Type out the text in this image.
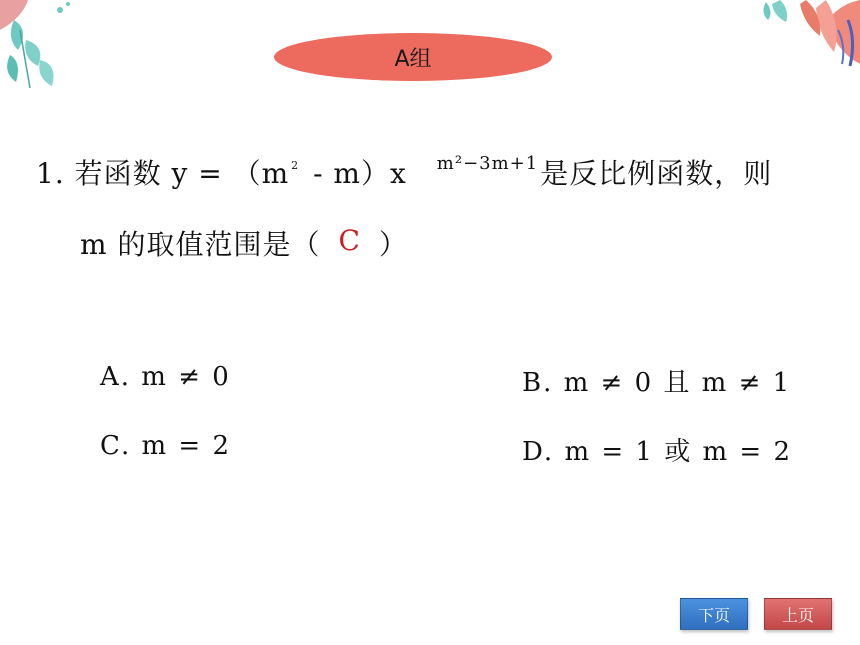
A组
1. 若函数 y = （m $^2$ - m）x $^{m^2-3m+1}$是反比例函数，则
m 的取值范围是（ C ）
A. m ≠ 0	B. m ≠ 0 且 m ≠ 1
C. m = 2	D. m = 1 或 m = 2
下页	上页
